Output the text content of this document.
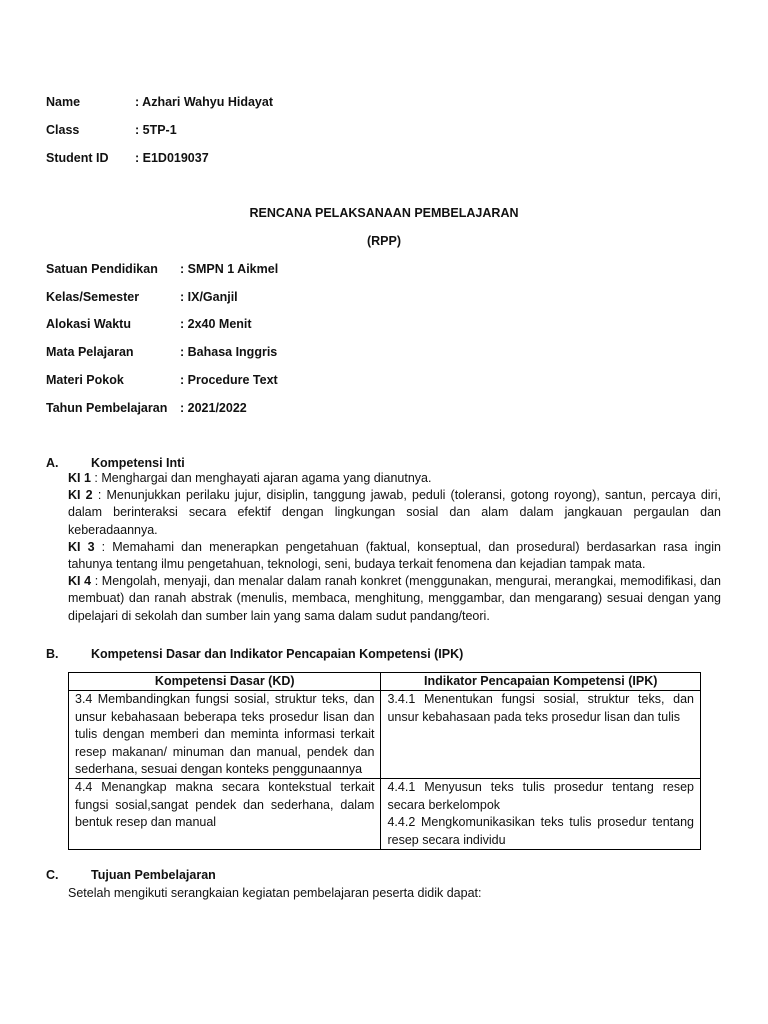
Name	: Azhari Wahyu Hidayat
Class	: 5TP-1
Student ID : E1D019037
RENCANA PELAKSANAAN PEMBELAJARAN
(RPP)
Satuan Pendidikan : SMPN 1 Aikmel
Kelas/Semester	: IX/Ganjil
Alokasi Waktu	: 2x40 Menit
Mata Pelajaran	: Bahasa Inggris
Materi Pokok	: Procedure Text
Tahun Pembelajaran : 2021/2022
A.	Kompetensi Inti

KI 1 : Menghargai dan menghayati ajaran agama yang dianutnya.

KI 2 : Menunjukkan perilaku jujur, disiplin, tanggung jawab, peduli (toleransi, gotong royong), santun, percaya diri, dalam berinteraksi secara efektif dengan lingkungan sosial dan alam dalam jangkauan pergaulan dan keberadaannya.

KI 3 : Memahami dan menerapkan pengetahuan (faktual, konseptual, dan prosedural) berdasarkan rasa ingin tahunya tentang ilmu pengetahuan, teknologi, seni, budaya terkait fenomena dan kejadian tampak mata.

KI 4 : Mengolah, menyaji, dan menalar dalam ranah konkret (menggunakan, mengurai, merangkai, memodifikasi, dan membuat) dan ranah abstrak (menulis, membaca, menghitung, menggambar, dan mengarang) sesuai dengan yang dipelajari di sekolah dan sumber lain yang sama dalam sudut pandang/teori.

B.	Kompetensi Dasar dan Indikator Pencapaian Kompetensi (IPK)
Kompetensi Dasar (KD)	Indikator Pencapaian Kompetensi (IPK)

3.4 Membandingkan fungsi sosial, struktur teks, dan unsur kebahasaan beberapa teks prosedur lisan dan tulis dengan memberi dan meminta informasi terkait resep makanan/ minuman dan manual, pendek dan sederhana, sesuai dengan konteks penggunaannya	3.4.1 Menentukan fungsi sosial, struktur teks, dan unsur kebahasaan pada teks prosedur lisan dan tulis

4.4 Menangkap makna secara kontekstual terkait fungsi sosial,sangat pendek dan sederhana, dalam bentuk resep dan manual	4.4.1 Menyusun teks tulis prosedur tentang resep secara berkelompok
4.4.2 Mengkomunikasikan teks tulis prosedur tentang resep secara individu
C.	Tujuan Pembelajaran
Setelah mengikuti serangkaian kegiatan pembelajaran peserta didik dapat:
